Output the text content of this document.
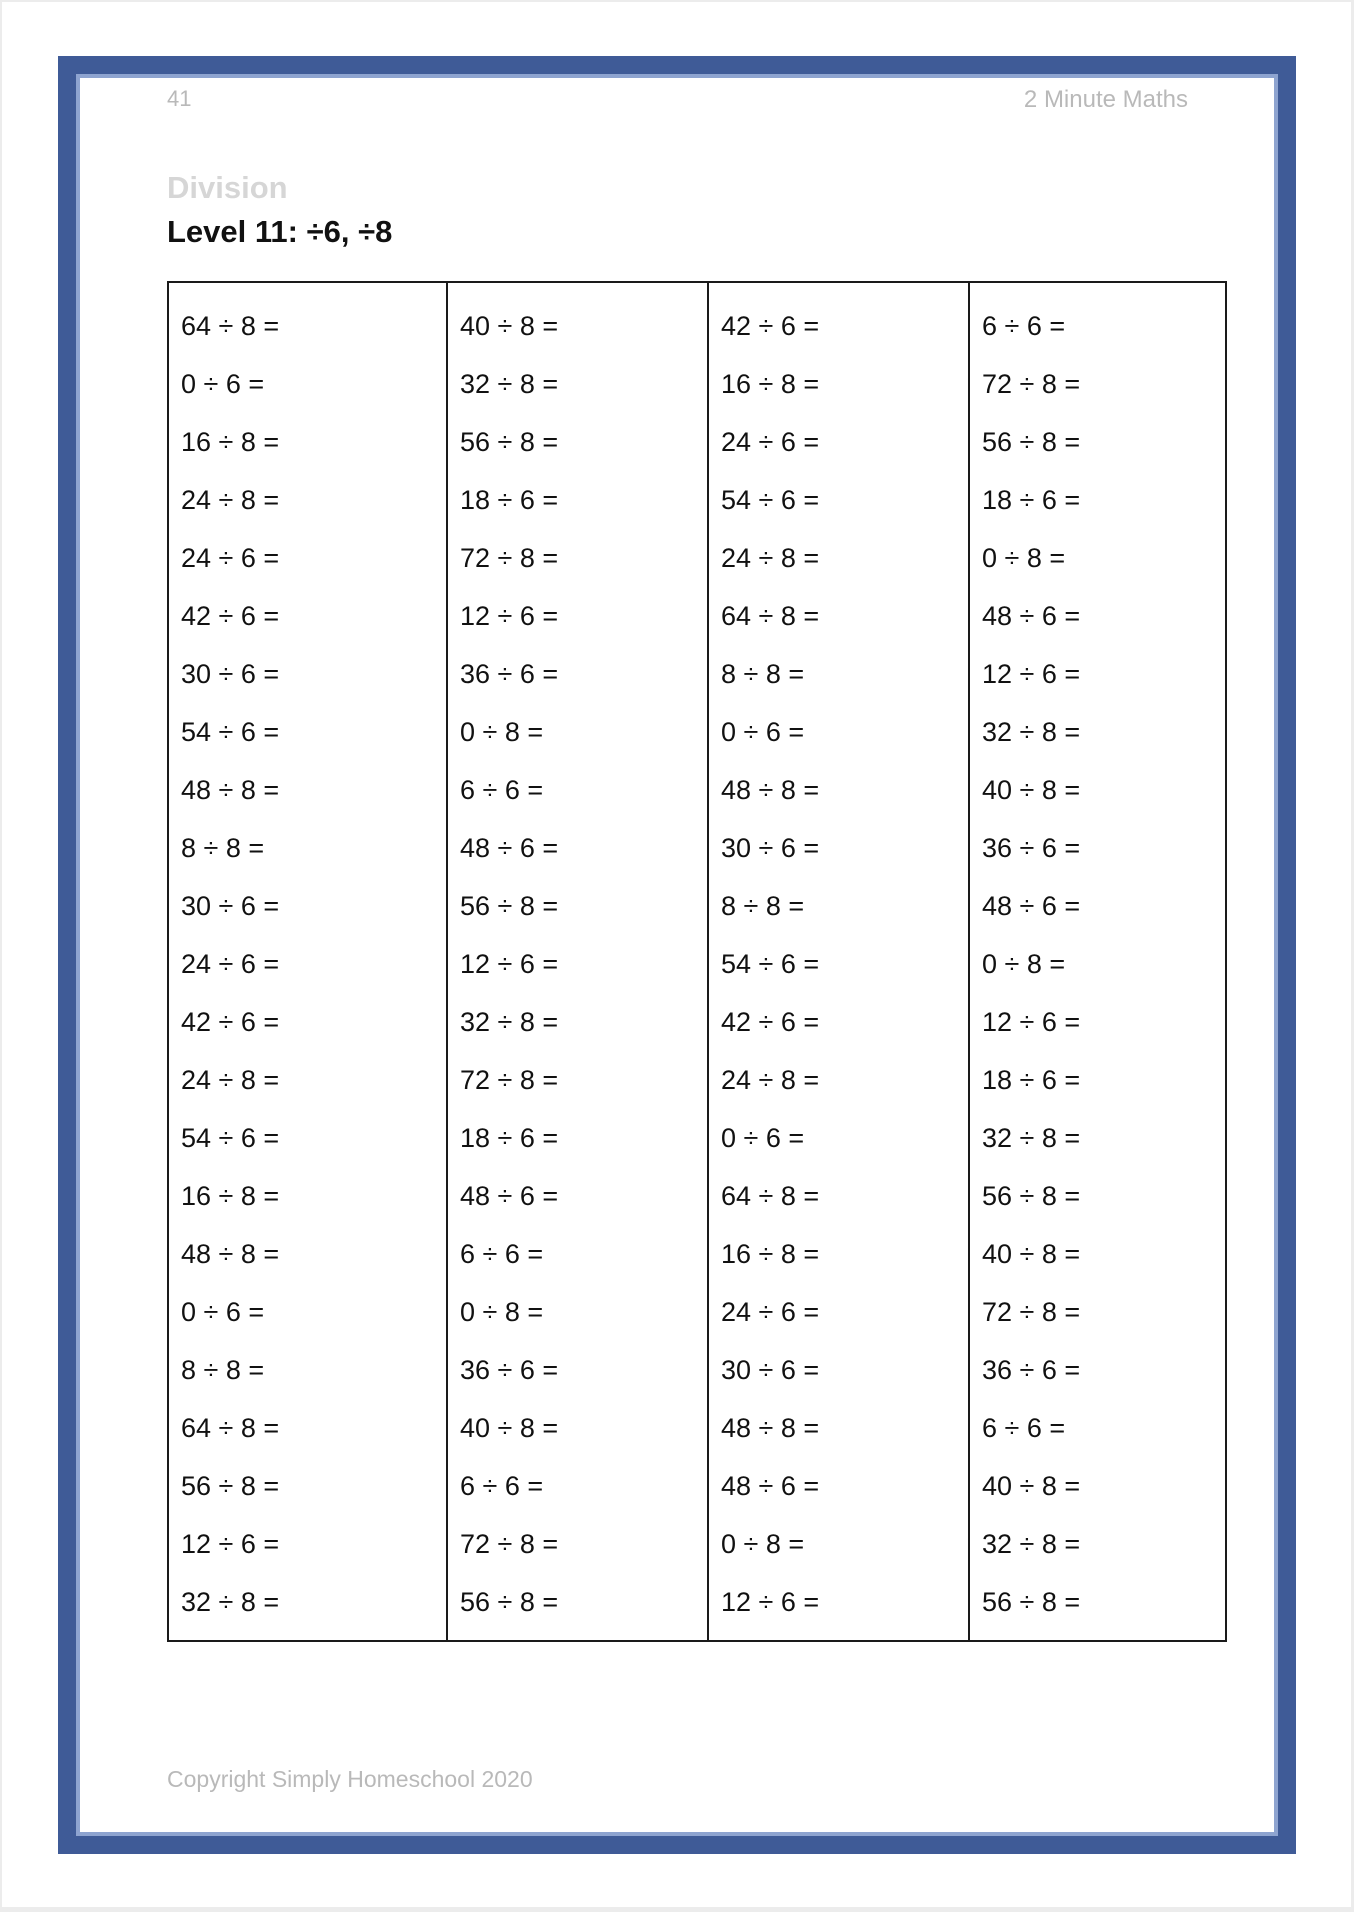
41	2 Minute Maths
Division
Level 11: ÷6, ÷8
64 ÷ 8 =
0 ÷ 6 =
16 ÷ 8 =
24 ÷ 8 =
24 ÷ 6 =
42 ÷ 6 =
30 ÷ 6 =
54 ÷ 6 =
48 ÷ 8 =
8 ÷ 8 =
30 ÷ 6 =
24 ÷ 6 =
42 ÷ 6 =
24 ÷ 8 =
54 ÷ 6 =
16 ÷ 8 =
48 ÷ 8 =
0 ÷ 6 =
8 ÷ 8 =
64 ÷ 8 =
56 ÷ 8 =
12 ÷ 6 =
32 ÷ 8 =
40 ÷ 8 =
32 ÷ 8 =
56 ÷ 8 =
18 ÷ 6 =
72 ÷ 8 =
12 ÷ 6 =
36 ÷ 6 =
0 ÷ 8 =
6 ÷ 6 =
48 ÷ 6 =
56 ÷ 8 =
12 ÷ 6 =
32 ÷ 8 =
72 ÷ 8 =
18 ÷ 6 =
48 ÷ 6 =
6 ÷ 6 =
0 ÷ 8 =
36 ÷ 6 =
40 ÷ 8 =
6 ÷ 6 =
72 ÷ 8 =
56 ÷ 8 =
42 ÷ 6 =
16 ÷ 8 =
24 ÷ 6 =
54 ÷ 6 =
24 ÷ 8 =
64 ÷ 8 =
8 ÷ 8 =
0 ÷ 6 =
48 ÷ 8 =
30 ÷ 6 =
8 ÷ 8 =
54 ÷ 6 =
42 ÷ 6 =
24 ÷ 8 =
0 ÷ 6 =
64 ÷ 8 =
16 ÷ 8 =
24 ÷ 6 =
30 ÷ 6 =
48 ÷ 8 =
48 ÷ 6 =
0 ÷ 8 =
12 ÷ 6 =
6 ÷ 6 =
72 ÷ 8 =
56 ÷ 8 =
18 ÷ 6 =
0 ÷ 8 =
48 ÷ 6 =
12 ÷ 6 =
32 ÷ 8 =
40 ÷ 8 =
36 ÷ 6 =
48 ÷ 6 =
0 ÷ 8 =
12 ÷ 6 =
18 ÷ 6 =
32 ÷ 8 =
56 ÷ 8 =
40 ÷ 8 =
72 ÷ 8 =
36 ÷ 6 =
6 ÷ 6 =
40 ÷ 8 =
32 ÷ 8 =
56 ÷ 8 =
Copyright Simply Homeschool 2020
